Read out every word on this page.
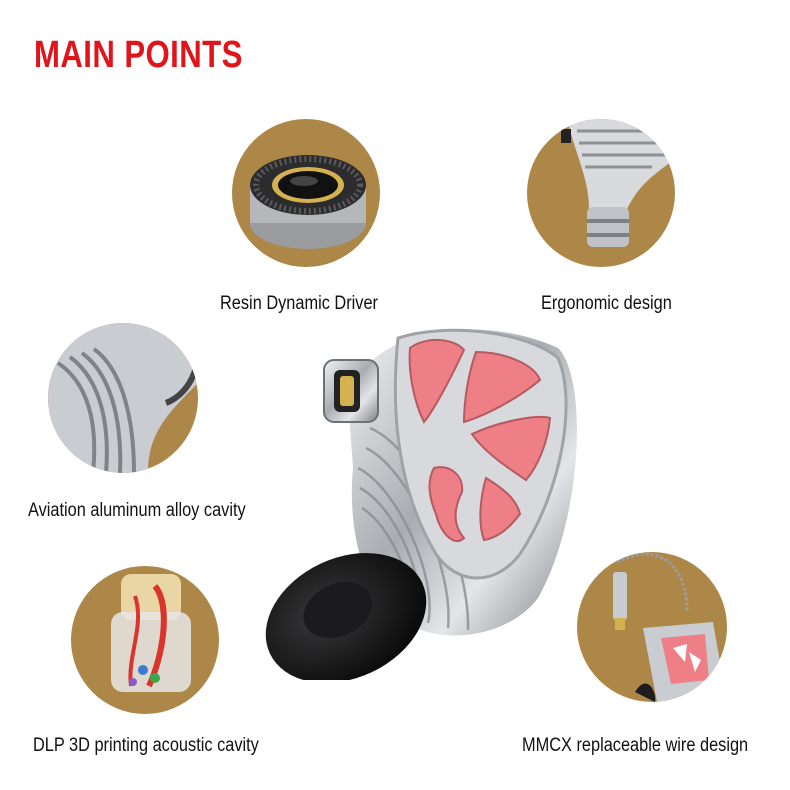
MAIN POINTS
Resin Dynamic Driver	Ergonomic design
Aviation aluminum alloy cavity
DLP 3D printing acoustic cavity	MMCX replaceable wire design
